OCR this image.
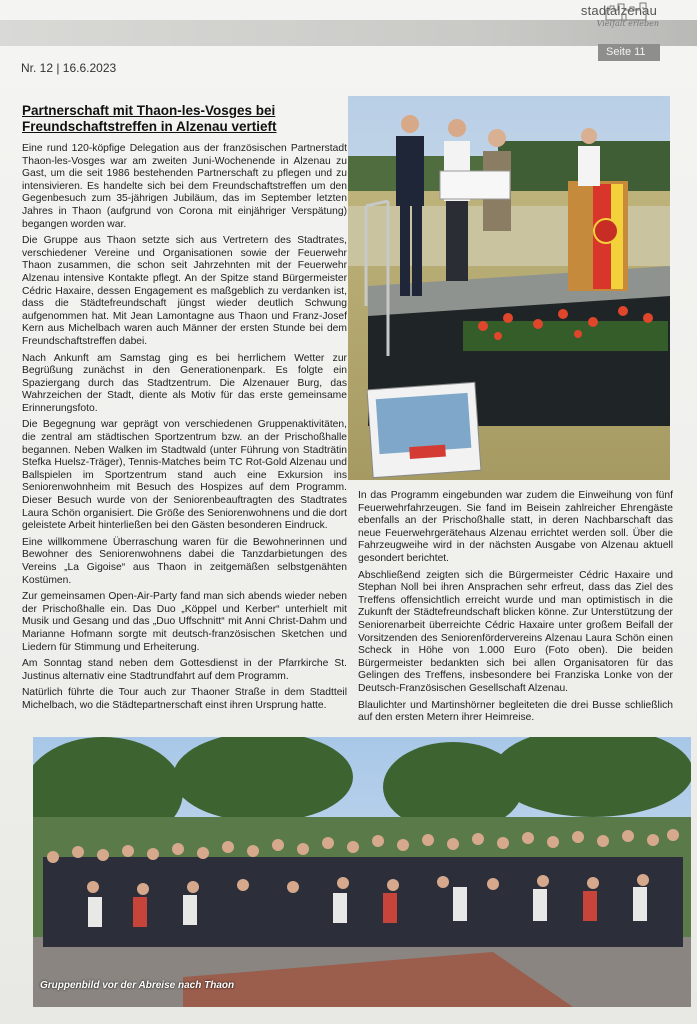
stadtalzenau
Vielfalt erleben
Nr. 12 | 16.6.2023
Seite 11
Partnerschaft mit Thaon-les-Vosges bei Freundschaftstreffen in Alzenau vertieft

Eine rund 120-köpfige Delegation aus der französischen Partnerstadt Thaon-les-Vosges war am zweiten Juni-Wochenende in Alzenau zu Gast, um die seit 1986 bestehenden Partnerschaft zu pflegen und zu intensivieren. Es handelte sich bei dem Freundschaftstreffen um den Gegenbesuch zum 35-jährigen Jubiläum, das im September letzten Jahres in Thaon (aufgrund von Corona mit einjähriger Verspätung) begangen worden war.

Die Gruppe aus Thaon setzte sich aus Vertretern des Stadtrates, verschiedener Vereine und Organisationen sowie der Feuerwehr Thaon zusammen, die schon seit Jahrzehnten mit der Feuerwehr Alzenau intensive Kontakte pflegt. An der Spitze stand Bürgermeister Cédric Haxaire, dessen Engagement es maßgeblich zu verdanken ist, dass die Städtefreundschaft jüngst wieder deutlich Schwung aufgenommen hat. Mit Jean Lamontagne aus Thaon und Franz-Josef Kern aus Michelbach waren auch Männer der ersten Stunde bei dem Freundschaftstreffen dabei.

Nach Ankunft am Samstag ging es bei herrlichem Wetter zur Begrüßung zunächst in den Generationenpark. Es folgte ein Spaziergang durch das Stadtzentrum. Die Alzenauer Burg, das Wahrzeichen der Stadt, diente als Motiv für das erste gemeinsame Erinnerungsfoto.

Die Begegnung war geprägt von verschiedenen Gruppenaktivitäten, die zentral am städtischen Sportzentrum bzw. an der Prischoßhalle begannen. Neben Walken im Stadtwald (unter Führung von Stadträtin Stefka Huelsz-Träger), Tennis-Matches beim TC Rot-Gold Alzenau und Ballspielen im Sportzentrum stand auch eine Exkursion ins Seniorenwohnheim mit Besuch des Hospizes auf dem Programm. Dieser Besuch wurde von der Seniorenbeauftragten des Stadtrates Laura Schön organisiert. Die Größe des Seniorenwohnens und die dort geleistete Arbeit hinterließen bei den Gästen besonderen Eindruck.

Eine willkommene Überraschung waren für die Bewohnerinnen und Bewohner des Seniorenwohnens dabei die Tanzdarbietungen des Vereins „La Gigoise“ aus Thaon in zeitgemäßen selbstgenähten Kostümen.

Zur gemeinsamen Open-Air-Party fand man sich abends wieder neben der Prischoßhalle ein. Das Duo „Köppel und Kerber“ unterhielt mit Musik und Gesang und das „Duo Uffschnitt“ mit Anni Christ-Dahm und Marianne Hofmann sorgte mit deutsch-französischen Sketchen und Liedern für Stimmung und Erheiterung.

Am Sonntag stand neben dem Gottesdienst in der Pfarrkirche St. Justinus alternativ eine Stadtrundfahrt auf dem Programm.

Natürlich führte die Tour auch zur Thaoner Straße in dem Stadtteil Michelbach, wo die Städtepartnerschaft einst ihren Ursprung hatte.

In das Programm eingebunden war zudem die Einweihung von fünf Feuerwehrfahrzeugen. Sie fand im Beisein zahlreicher Ehrengäste ebenfalls an der Prischoßhalle statt, in deren Nachbarschaft das neue Feuerwehrgerätehaus Alzenau errichtet werden soll. Über die Fahrzeugweihe wird in der nächsten Ausgabe von Alzenau aktuell gesondert berichtet.

Abschließend zeigten sich die Bürgermeister Cédric Haxaire und Stephan Noll bei ihren Ansprachen sehr erfreut, dass das Ziel des Treffens offensichtlich erreicht wurde und man optimistisch in die Zukunft der Städtefreundschaft blicken könne. Zur Unterstützung der Seniorenarbeit überreichte Cédric Haxaire unter großem Beifall der Vorsitzenden des Seniorenfördervereins Alzenau Laura Schön einen Scheck in Höhe von 1.000 Euro (Foto oben). Die beiden Bürgermeister bedankten sich bei allen Organisatoren für das Gelingen des Treffens, insbesondere bei Franziska Lonke von der Deutsch-Französischen Gesellschaft Alzenau.

Blaulichter und Martinshörner begleiteten die drei Busse schließlich auf den ersten Metern ihrer Heimreise.

Gruppenbild vor der Abreise nach Thaon
